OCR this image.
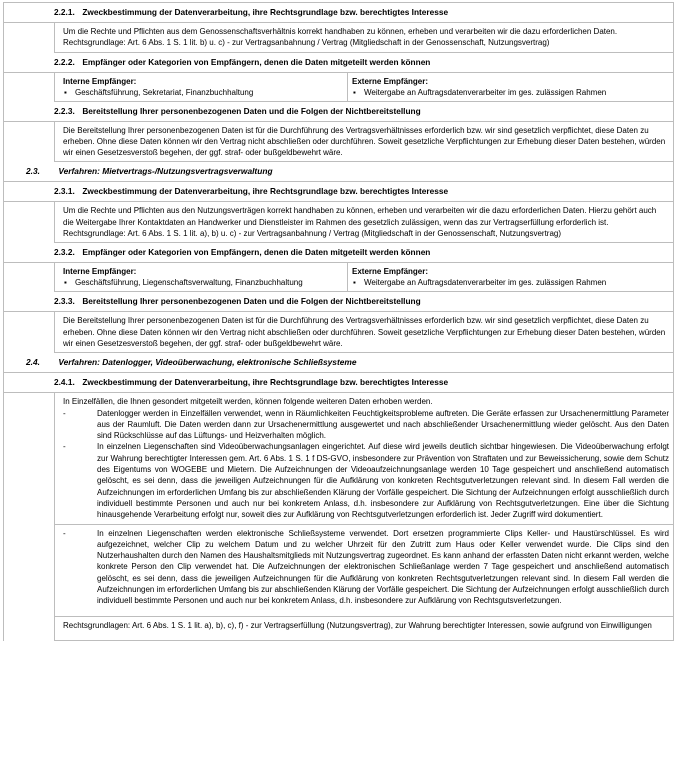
2.2.1. Zweckbestimmung der Datenverarbeitung, ihre Rechtsgrundlage bzw. berechtigtes Interesse

Um die Rechte und Pflichten aus dem Genossenschaftsverhältnis korrekt handhaben zu können, erheben und verarbeiten wir die dazu erforderlichen Daten.

Rechtsgrundlage: Art. 6 Abs. 1 S. 1 lit. b) u. c) - zur Vertragsanbahnung / Vertrag (Mitgliedschaft in der Genossenschaft, Nutzungsvertrag)

2.2.2. Empfänger oder Kategorien von Empfängern, denen die Daten mitgeteilt werden können
Interne Empfänger:
▪	Geschäftsführung, Sekretariat, Finanzbuchhaltung
Externe Empfänger:
▪	Weitergabe an Auftragsdatenverarbeiter im ges. zulässigen Rahmen
2.2.3. Bereitstellung Ihrer personenbezogenen Daten und die Folgen der Nichtbereitstellung

Die Bereitstellung Ihrer personenbezogenen Daten ist für die Durchführung des Vertragsverhältnisses erforderlich bzw. wir sind gesetzlich verpflichtet, diese Daten zu erheben. Ohne diese Daten können wir den Vertrag nicht abschließen oder durchführen. Soweit gesetzliche Verpflichtungen zur Erhebung dieser Daten bestehen, würden wir einen Gesetzesverstoß begehen, der ggf. straf- oder bußgeldbewehrt wäre.

2.3. Verfahren: Mietvertrags-/Nutzungsvertragsverwaltung
2.3.1. Zweckbestimmung der Datenverarbeitung, ihre Rechtsgrundlage bzw. berechtigtes Interesse

Um die Rechte und Pflichten aus den Nutzungsverträgen korrekt handhaben zu können, erheben und verarbeiten wir die dazu erforderlichen Daten. Hierzu gehört auch die Weitergabe Ihrer Kontaktdaten an Handwerker und Dienstleister im Rahmen des gesetzlich zulässigen, wenn das zur Vertragserfüllung erforderlich ist.

Rechtsgrundlage: Art. 6 Abs. 1 S. 1 lit. a), b) u. c) - zur Vertragsanbahnung / Vertrag (Mitgliedschaft in der Genossenschaft, Nutzungsvertrag)

2.3.2. Empfänger oder Kategorien von Empfängern, denen die Daten mitgeteilt werden können
Interne Empfänger:
▪	Geschäftsführung, Liegenschaftsverwaltung, Finanzbuchhaltung
Externe Empfänger:
▪	Weitergabe an Auftragsdatenverarbeiter im ges. zulässigen Rahmen
2.3.3. Bereitstellung Ihrer personenbezogenen Daten und die Folgen der Nichtbereitstellung

Die Bereitstellung Ihrer personenbezogenen Daten ist für die Durchführung des Vertragsverhältnisses erforderlich bzw. wir sind gesetzlich verpflichtet, diese Daten zu erheben. Ohne diese Daten können wir den Vertrag nicht abschließen oder durchführen. Soweit gesetzliche Verpflichtungen zur Erhebung dieser Daten bestehen, würden wir einen Gesetzesverstoß begehen, der ggf. straf- oder bußgeldbewehrt wäre.

2.4. Verfahren: Datenlogger, Videoüberwachung, elektronische Schließsysteme
2.4.1. Zweckbestimmung der Datenverarbeitung, ihre Rechtsgrundlage bzw. berechtigtes Interesse

In Einzelfällen, die Ihnen gesondert mitgeteilt werden, können folgende weiteren Daten erhoben werden.

-	Datenlogger werden in Einzelfällen verwendet, wenn in Räumlichkeiten Feuchtigkeitsprobleme auftreten. Die Geräte erfassen zur Ursachenermittlung Parameter aus der Raumluft. Die Daten werden dann zur Ursachenermittlung ausgewertet und nach abschließender Ursachenermittlung wieder gelöscht. Aus den Daten sind Rückschlüsse auf das Lüftungs- und Heizverhalten möglich.
-	In einzelnen Liegenschaften sind Videoüberwachungsanlagen eingerichtet. Auf diese wird jeweils deutlich sichtbar hingewiesen. Die Videoüberwachung erfolgt zur Wahrung berechtigter Interessen gem. Art. 6 Abs. 1 S. 1 f DS-GVO, insbesondere zur Prävention von Straftaten und zur Beweissicherung, sowie dem Schutz des Eigentums von WOGEBE und Mietern. Die Aufzeichnungen der Videoaufzeichnungsanlage werden 10 Tage gespeichert und anschließend automatisch gelöscht, es sei denn, dass die jeweiligen Aufzeichnungen für die Aufklärung von konkreten Rechtsgutverletzungen relevant sind. In diesem Fall werden die Aufzeichnungen im erforderlichen Umfang bis zur abschließenden Klärung der Vorfälle gespeichert. Die Sichtung der Aufzeichnungen erfolgt ausschließlich durch individuell bestimmte Personen und auch nur bei konkretem Anlass, d.h. insbesondere zur Aufklärung von Rechtsgutverletzungen. Eine über die Sichtung hinausgehende Verarbeitung erfolgt nur, soweit dies zur Aufklärung von Rechtsgutverletzungen erforderlich ist. Jeder Zugriff wird dokumentiert.
-	In einzelnen Liegenschaften werden elektronische Schließsysteme verwendet. Dort ersetzen programmierte Clips Keller- und Haustürschlüssel. Es wird aufgezeichnet, welcher Clip zu welchem Datum und zu welcher Uhrzeit für den Zutritt zum Haus oder Keller verwendet wurde. Die Clips sind den Nutzerhaushalten durch den Namen des Haushaltsmitglieds mit Nutzungsvertrag zugeordnet. Es kann anhand der erfassten Daten nicht erkannt werden, welche konkrete Person den Clip verwendet hat. Die Aufzeichnungen der elektronischen Schließanlage werden 7 Tage gespeichert und anschließend automatisch gelöscht, es sei denn, dass die jeweiligen Aufzeichnungen für die Aufklärung von konkreten Rechtsgutverletzungen relevant sind. In diesem Fall werden die Aufzeichnungen im erforderlichen Umfang bis zur abschließenden Klärung der Vorfälle gespeichert. Die Sichtung der Aufzeichnungen erfolgt ausschließlich durch individuell bestimmte Personen und auch nur bei konkretem Anlass, d.h. insbesondere zur Aufklärung von Rechtsgutsverletzungen.

Rechtsgrundlagen: Art. 6 Abs. 1 S. 1 lit. a), b), c), f) - zur Vertragserfüllung (Nutzungsvertrag), zur Wahrung berechtigter Interessen, sowie aufgrund von Einwilligungen
